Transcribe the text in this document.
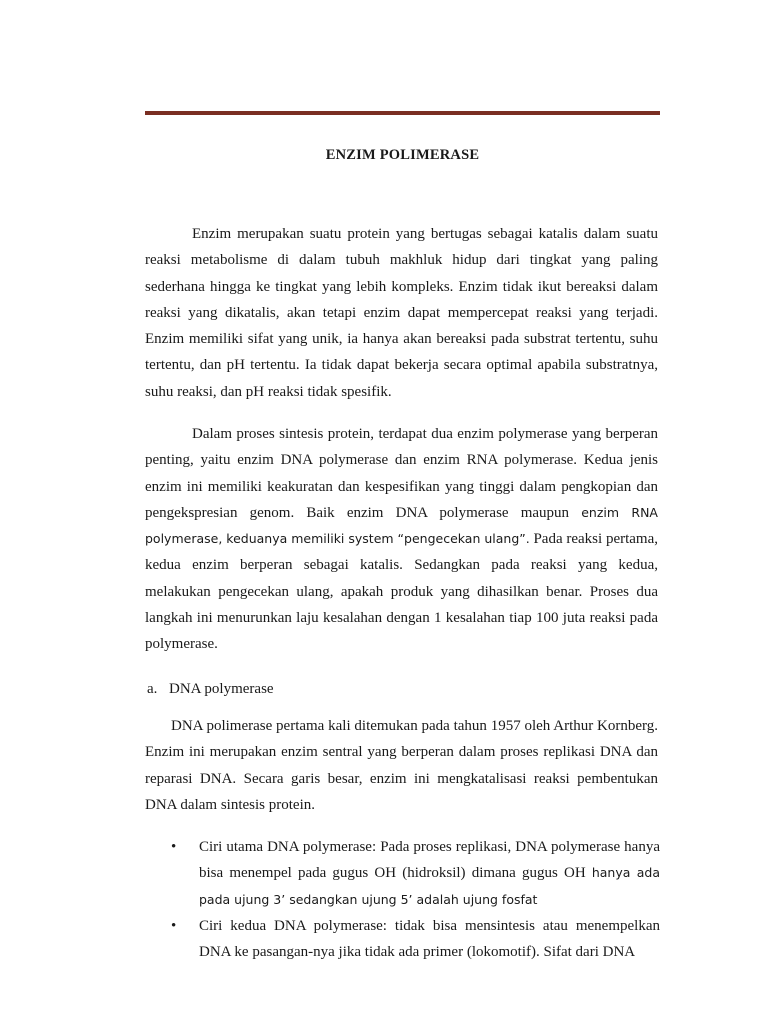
ENZIM POLIMERASE
Enzim merupakan suatu protein yang bertugas sebagai katalis dalam suatu reaksi metabolisme di dalam tubuh makhluk hidup dari tingkat yang paling sederhana hingga ke tingkat yang lebih kompleks. Enzim tidak ikut bereaksi dalam reaksi yang dikatalis, akan tetapi enzim dapat mempercepat reaksi yang terjadi. Enzim memiliki sifat yang unik, ia hanya akan bereaksi pada substrat tertentu, suhu tertentu, dan pH tertentu. Ia tidak dapat bekerja secara optimal apabila substratnya, suhu reaksi, dan pH reaksi tidak spesifik.
Dalam proses sintesis protein, terdapat dua enzim polymerase yang berperan penting, yaitu enzim DNA polymerase dan enzim RNA polymerase. Kedua jenis enzim ini memiliki keakuratan dan kespesifikan yang tinggi dalam pengkopian dan pengekspresian genom. Baik enzim DNA polymerase maupun enzim RNA polymerase, keduanya memiliki system “pengecekan ulang”. Pada reaksi pertama, kedua enzim berperan sebagai katalis. Sedangkan pada reaksi yang kedua, melakukan pengecekan ulang, apakah produk yang dihasilkan benar. Proses dua langkah ini menurunkan laju kesalahan dengan 1 kesalahan tiap 100 juta reaksi pada polymerase.
a. DNA polymerase
DNA polimerase pertama kali ditemukan pada tahun 1957 oleh Arthur Kornberg. Enzim ini merupakan enzim sentral yang berperan dalam proses replikasi DNA dan reparasi DNA. Secara garis besar, enzim ini mengkatalisasi reaksi pembentukan DNA dalam sintesis protein.
• Ciri utama DNA polymerase: Pada proses replikasi, DNA polymerase hanya bisa menempel pada gugus OH (hidroksil) dimana gugus OH hanya ada pada ujung 3’ sedangkan ujung 5’ adalah ujung fosfat
• Ciri kedua DNA polymerase: tidak bisa mensintesis atau menempelkan DNA ke pasangan-nya jika tidak ada primer (lokomotif). Sifat dari DNA
